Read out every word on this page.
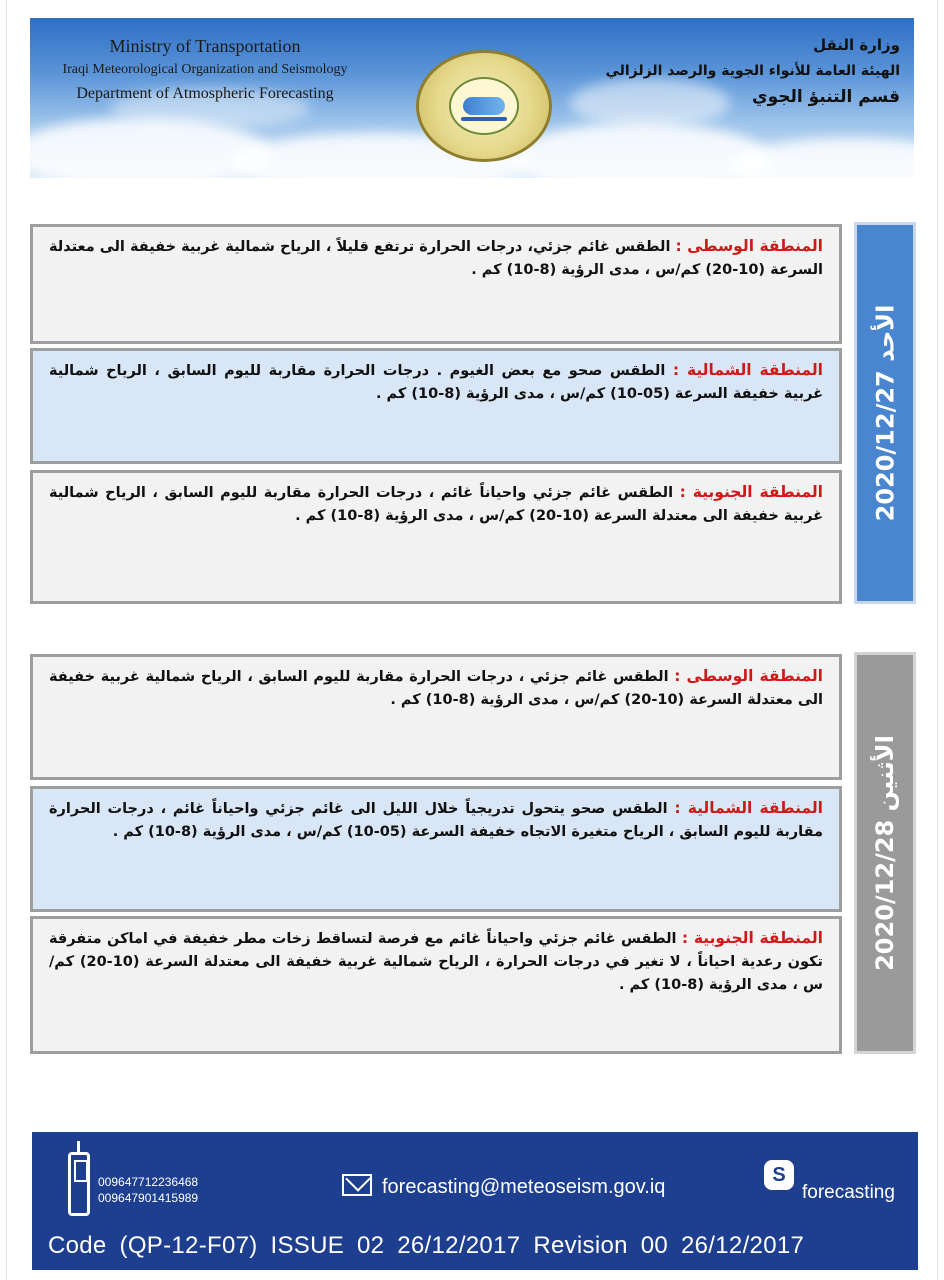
Ministry of Transportation
Iraqi Meteorological Organization and Seismology
Department of Atmospheric Forecasting
وزارة النقل
الهيئة العامة للأنواء الجوية والرصد الزلزالي
قسم التنبؤ الجوي
الأحد 2020/12/27
المنطقة الوسطى : الطقس غائم جزئي، درجات الحرارة ترتفع قليلاً ، الرياح شمالية غربية خفيفة الى معتدلة السرعة (10-20) كم/س ، مدى الرؤية (8-10) كم .
المنطقة الشمالية : الطقس صحو مع بعض الغيوم . درجات الحرارة مقاربة لليوم السابق ، الرياح شمالية غربية خفيفة السرعة (05-10) كم/س ، مدى الرؤية (8-10) كم .
المنطقة الجنوبية : الطقس غائم جزئي واحياناً غائم ، درجات الحرارة مقاربة لليوم السابق ، الرياح شمالية غربية خفيفة الى معتدلة السرعة (10-20) كم/س ، مدى الرؤية (8-10) كم .
الأثنين 2020/12/28
المنطقة الوسطى : الطقس غائم جزئي ، درجات الحرارة مقاربة لليوم السابق ، الرياح شمالية غربية خفيفة الى معتدلة السرعة (10-20) كم/س ، مدى الرؤية (8-10) كم .
المنطقة الشمالية : الطقس صحو يتحول تدريجياً خلال الليل الى غائم جزئي واحياناً غائم ، درجات الحرارة مقاربة لليوم السابق ، الرياح متغيرة الاتجاه خفيفة السرعة (05-10) كم/س ، مدى الرؤية (8-10) كم .
المنطقة الجنوبية : الطقس غائم جزئي واحياناً غائم مع فرصة لتساقط زخات مطر خفيفة في اماكن متفرقة تكون رعدية احياناً ، لا تغير في درجات الحرارة ، الرياح شمالية غربية خفيفة الى معتدلة السرعة (10-20) كم/س ، مدى الرؤية (8-10) كم .
009647712236468
009647901415989	forecasting@meteoseism.gov.iq
S
forecasting
Code (QP-12-F07) ISSUE 02 26/12/2017 Revision 00 26/12/2017
